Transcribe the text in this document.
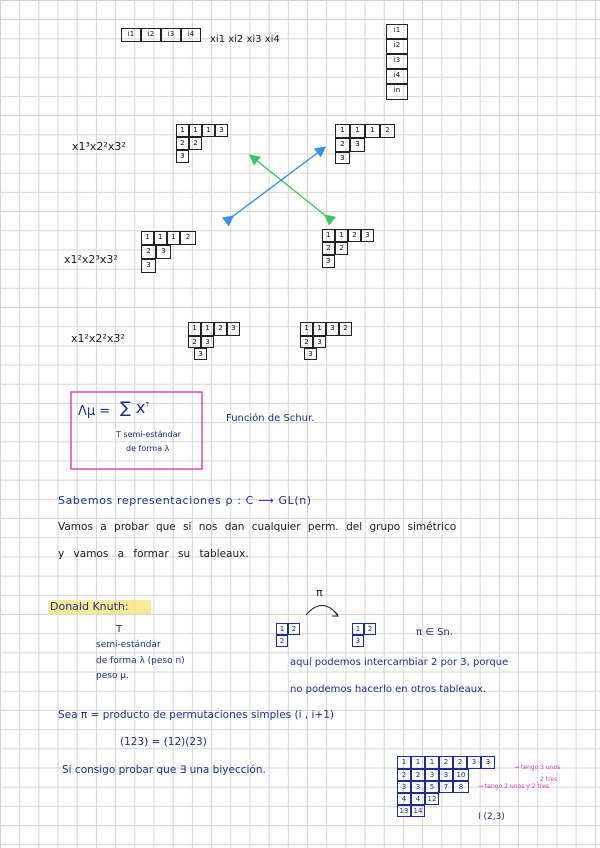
i1	i2	i3	i4	xi1 xi2 xi3 xi4
i1
i2
i3
i4
in
x1³x2²x3²
x1²x2³x3²
x1²x2²x3²
1	1	1	3
2	2
3
1	1	1	2
2	3
3
1	1	1	2
2	3
3
1	1	2	3
2	2
3
1	1	2	3
2	3
3
1	1	3	2
2	3
3
Λμ = ∑ $x^T$
T semi-estándar
de forma λ
Función de Schur.
Sabemos representaciones ρ : C ⟶ GL(n)
Vamos a probar que si nos dan cualquier perm. del grupo simétrico
y vamos a formar su tableaux.
Donald Knuth:
π
T
semi-estándar
de forma λ (peso n)
peso μ.
1	2
2
1	2
3
π ∈ Sn.
aquí podemos intercambiar 2 por 3, porque
no podemos hacerlo en otros tableaux.
Sea π = producto de permutaciones simples (i , i+1)
(123) = (12)(23)
Si consigo probar que ∃ una biyección.
1	1	1	2	2	3	3
2	2	3	3	10
3	3	5	7	8
4	4	12
13 14
→ tengo 3 unos
2 tres
→ tengo 2 unos y 2 tres
I (2,3)
